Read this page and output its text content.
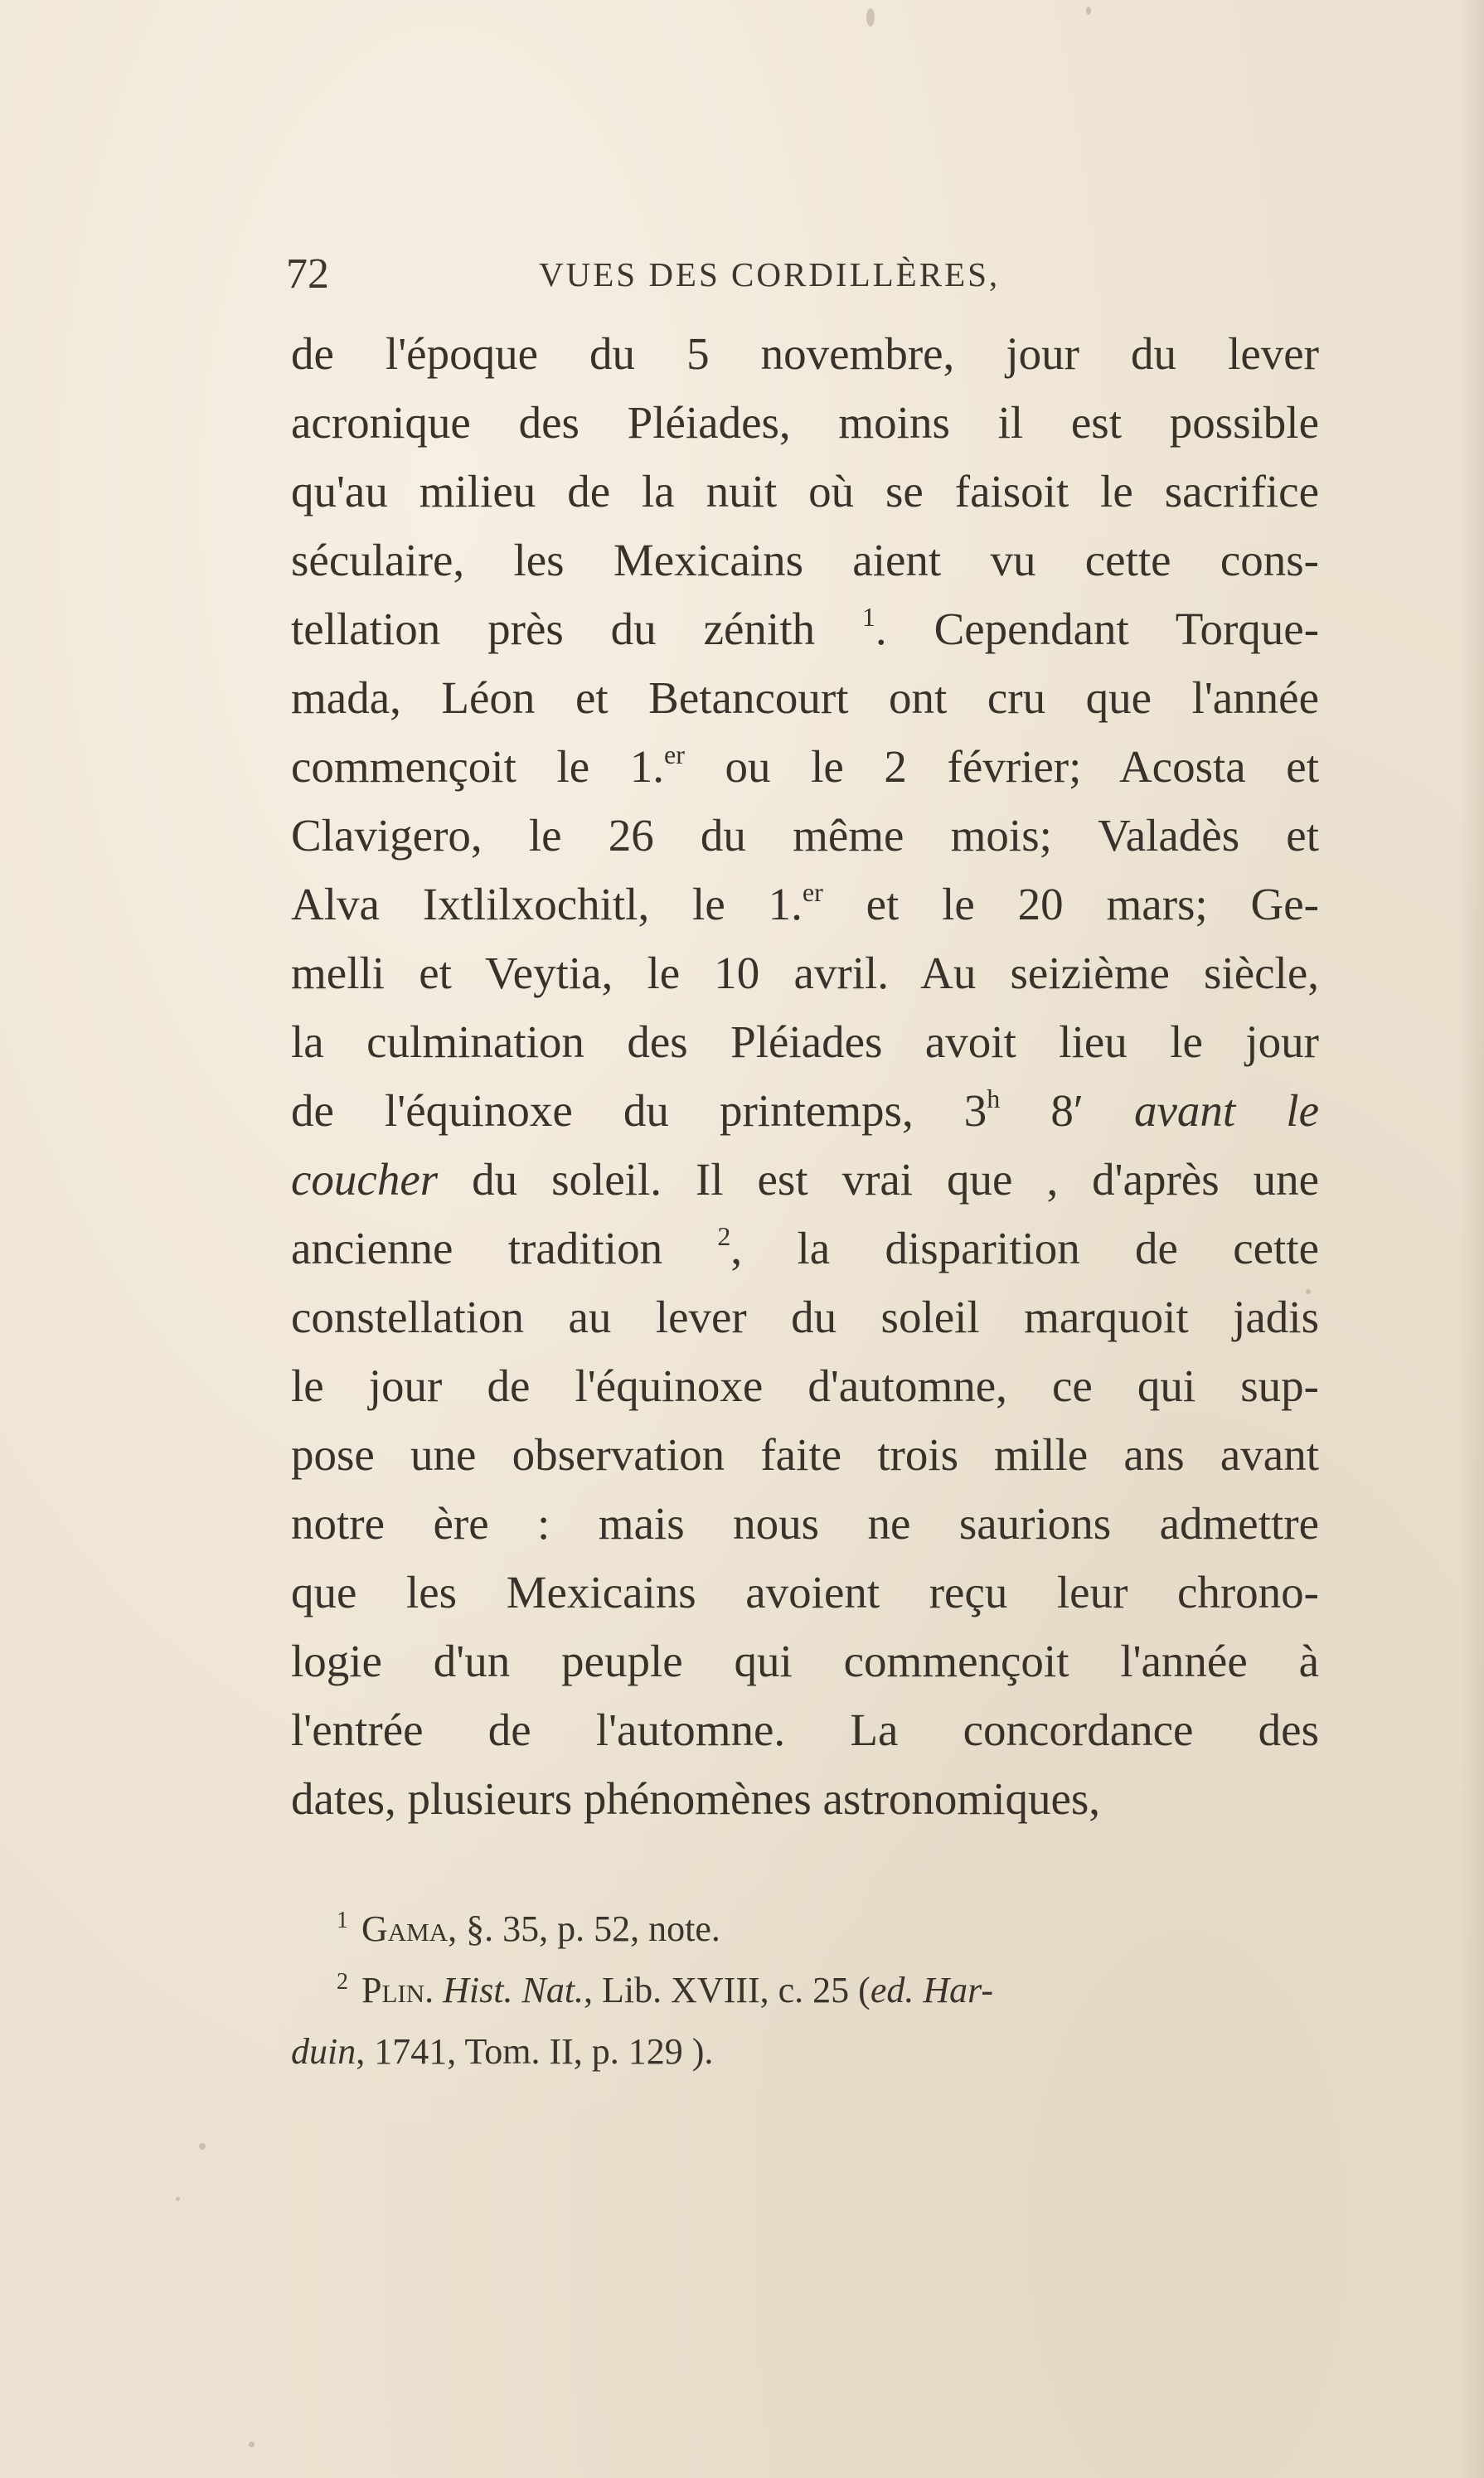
72	VUES DES CORDILLÈRES,
de l'époque du 5 novembre, jour du lever
acronique des Pléiades, moins il est possible
qu'au milieu de la nuit où se faisoit le sacrifice
séculaire, les Mexicains aient vu cette cons-
tellation près du zénith $^1$. Cependant Torque-
mada, Léon et Betancourt ont cru que l'année
commençoit le 1.$^{er}$ ou le 2 février; Acosta et
Clavigero, le 26 du même mois; Valadès et
Alva Ixtlilxochitl, le 1.$^{er}$ et le 20 mars; Ge-
melli et Veytia, le 10 avril. Au seizième siècle,
la culmination des Pléiades avoit lieu le jour
de l'équinoxe du printemps, 3$^h$ 8′ avant le
coucher du soleil. Il est vrai que , d'après une
ancienne tradition $^2$, la disparition de cette
constellation au lever du soleil marquoit jadis
le jour de l'équinoxe d'automne, ce qui sup-
pose une observation faite trois mille ans avant
notre ère : mais nous ne saurions admettre
que les Mexicains avoient reçu leur chrono-
logie d'un peuple qui commençoit l'année à
l'entrée de l'automne. La concordance des
dates, plusieurs phénomènes astronomiques,
$^1$ Gama, §. 35, p. 52, note.
$^2$ Plin. Hist. Nat., Lib. XVIII, c. 25 (ed. Har-
duin, 1741, Tom. II, p. 129 ).
